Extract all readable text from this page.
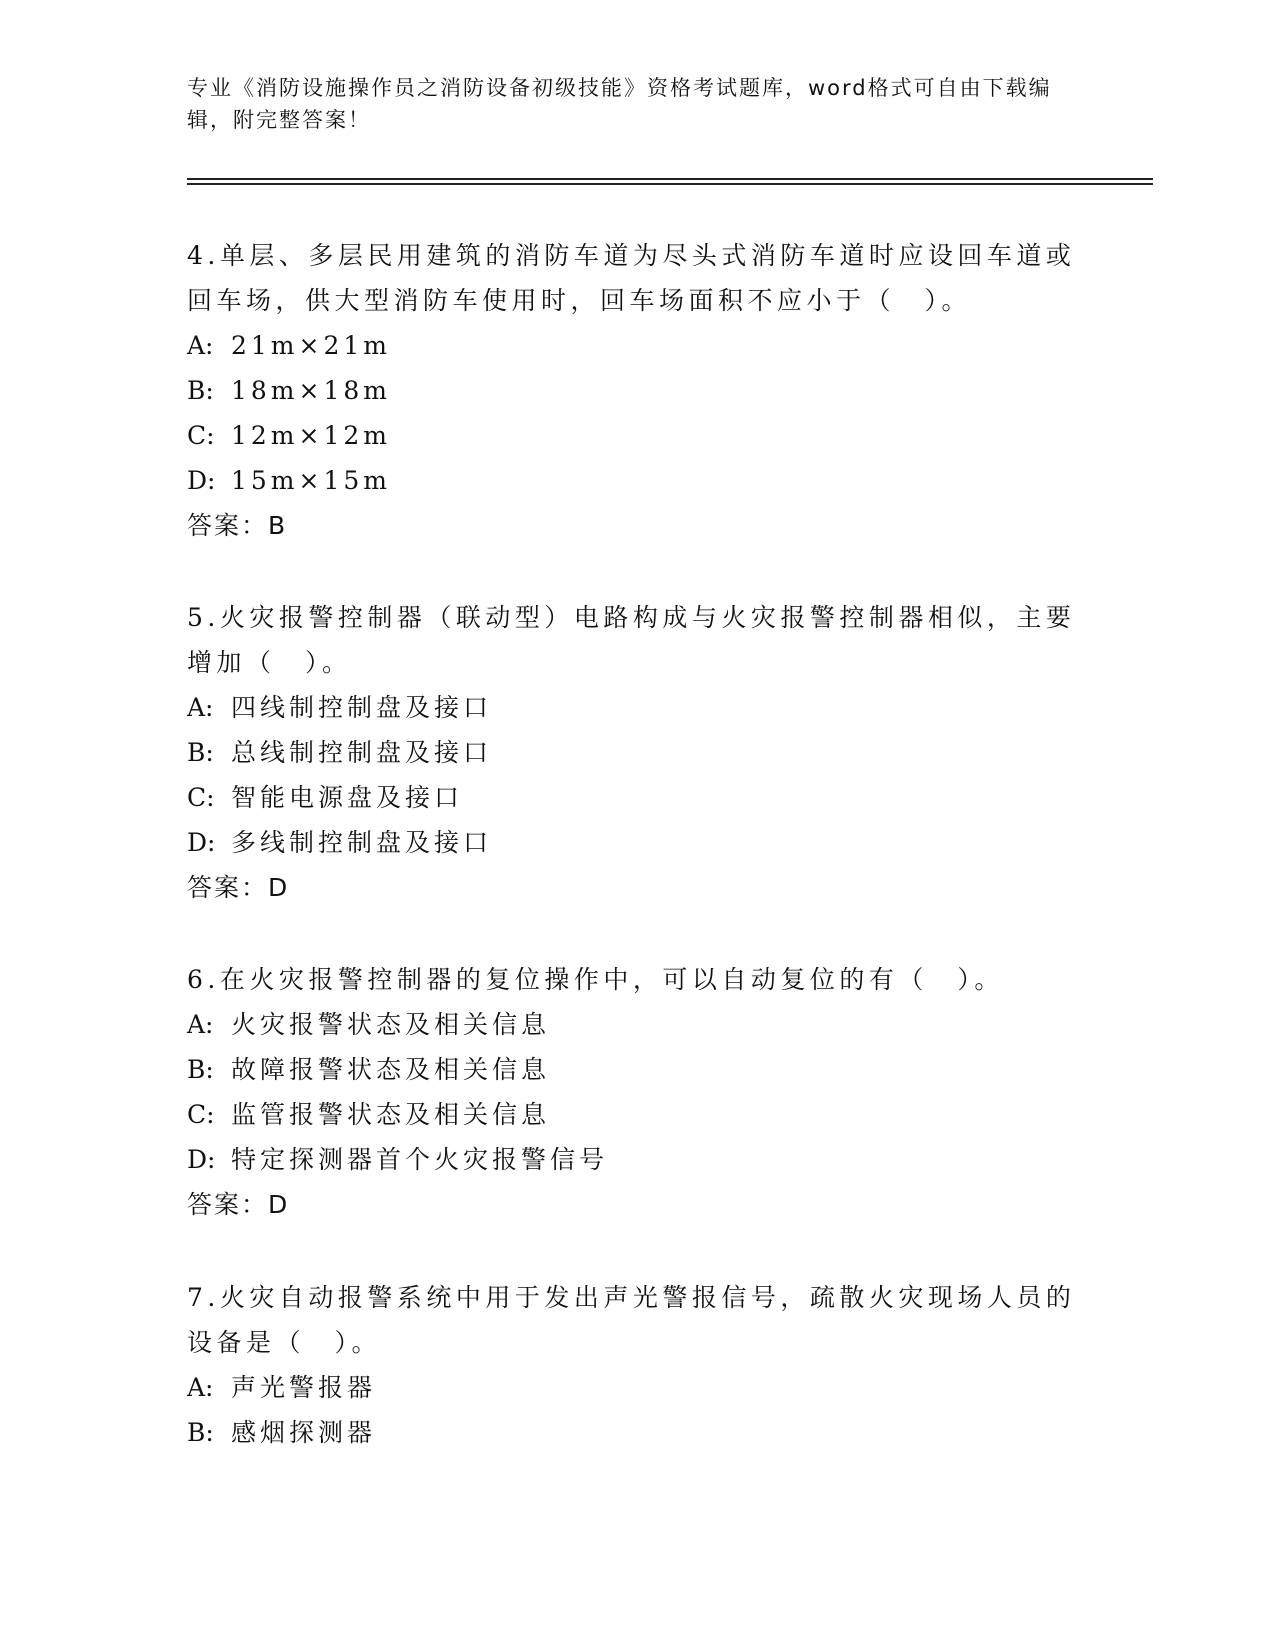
专业《消防设施操作员之消防设备初级技能》资格考试题库，word格式可自由下载编辑，附完整答案！

4.单层、多层民用建筑的消防车道为尽头式消防车道时应设回车道或回车场，供大型消防车使用时，回车场面积不应小于（　）。

A: 21m×21m

B: 18m×18m

C: 12m×12m

D: 15m×15m

答案：B

5.火灾报警控制器（联动型）电路构成与火灾报警控制器相似，主要增加（　）。

A: 四线制控制盘及接口

B: 总线制控制盘及接口

C: 智能电源盘及接口

D: 多线制控制盘及接口

答案：D

6.在火灾报警控制器的复位操作中，可以自动复位的有（　）。

A: 火灾报警状态及相关信息

B: 故障报警状态及相关信息

C: 监管报警状态及相关信息

D: 特定探测器首个火灾报警信号

答案：D

7.火灾自动报警系统中用于发出声光警报信号，疏散火灾现场人员的设备是（　）。

A: 声光警报器

B: 感烟探测器
